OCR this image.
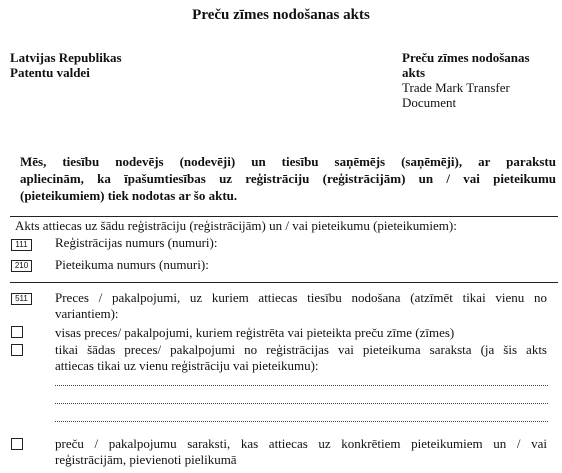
Preču zīmes nodošanas akts
Latvijas Republikas
Patentu valdei
Preču zīmes nodošanas
akts
Trade Mark Transfer
Document
Mēs, tiesību nodevējs (nodevēji) un tiesību saņēmējs (saņēmēji), ar parakstu
apliecinām, ka īpašumtiesības uz reģistrāciju (reģistrācijām) un / vai pieteikumu
(pieteikumiem) tiek nodotas ar šo aktu.
Akts attiecas uz šādu reģistrāciju (reģistrācijām) un / vai pieteikumu (pieteikumiem):
111	Reģistrācijas numurs (numuri):
210 Pieteikuma numurs (numuri):
511	Preces / pakalpojumi, uz kuriem attiecas tiesību nodošana (atzīmēt tikai vienu no
variantiem):
visas preces/ pakalpojumi, kuriem reģistrēta vai pieteikta preču zīme (zīmes)
tikai šādas preces/ pakalpojumi no reģistrācijas vai pieteikuma saraksta (ja šis akts
attiecas tikai uz vienu reģistrāciju vai pieteikumu):
preču / pakalpojumu saraksti, kas attiecas uz konkrētiem pieteikumiem un / vai
reģistrācijām, pievienoti pielikumā
